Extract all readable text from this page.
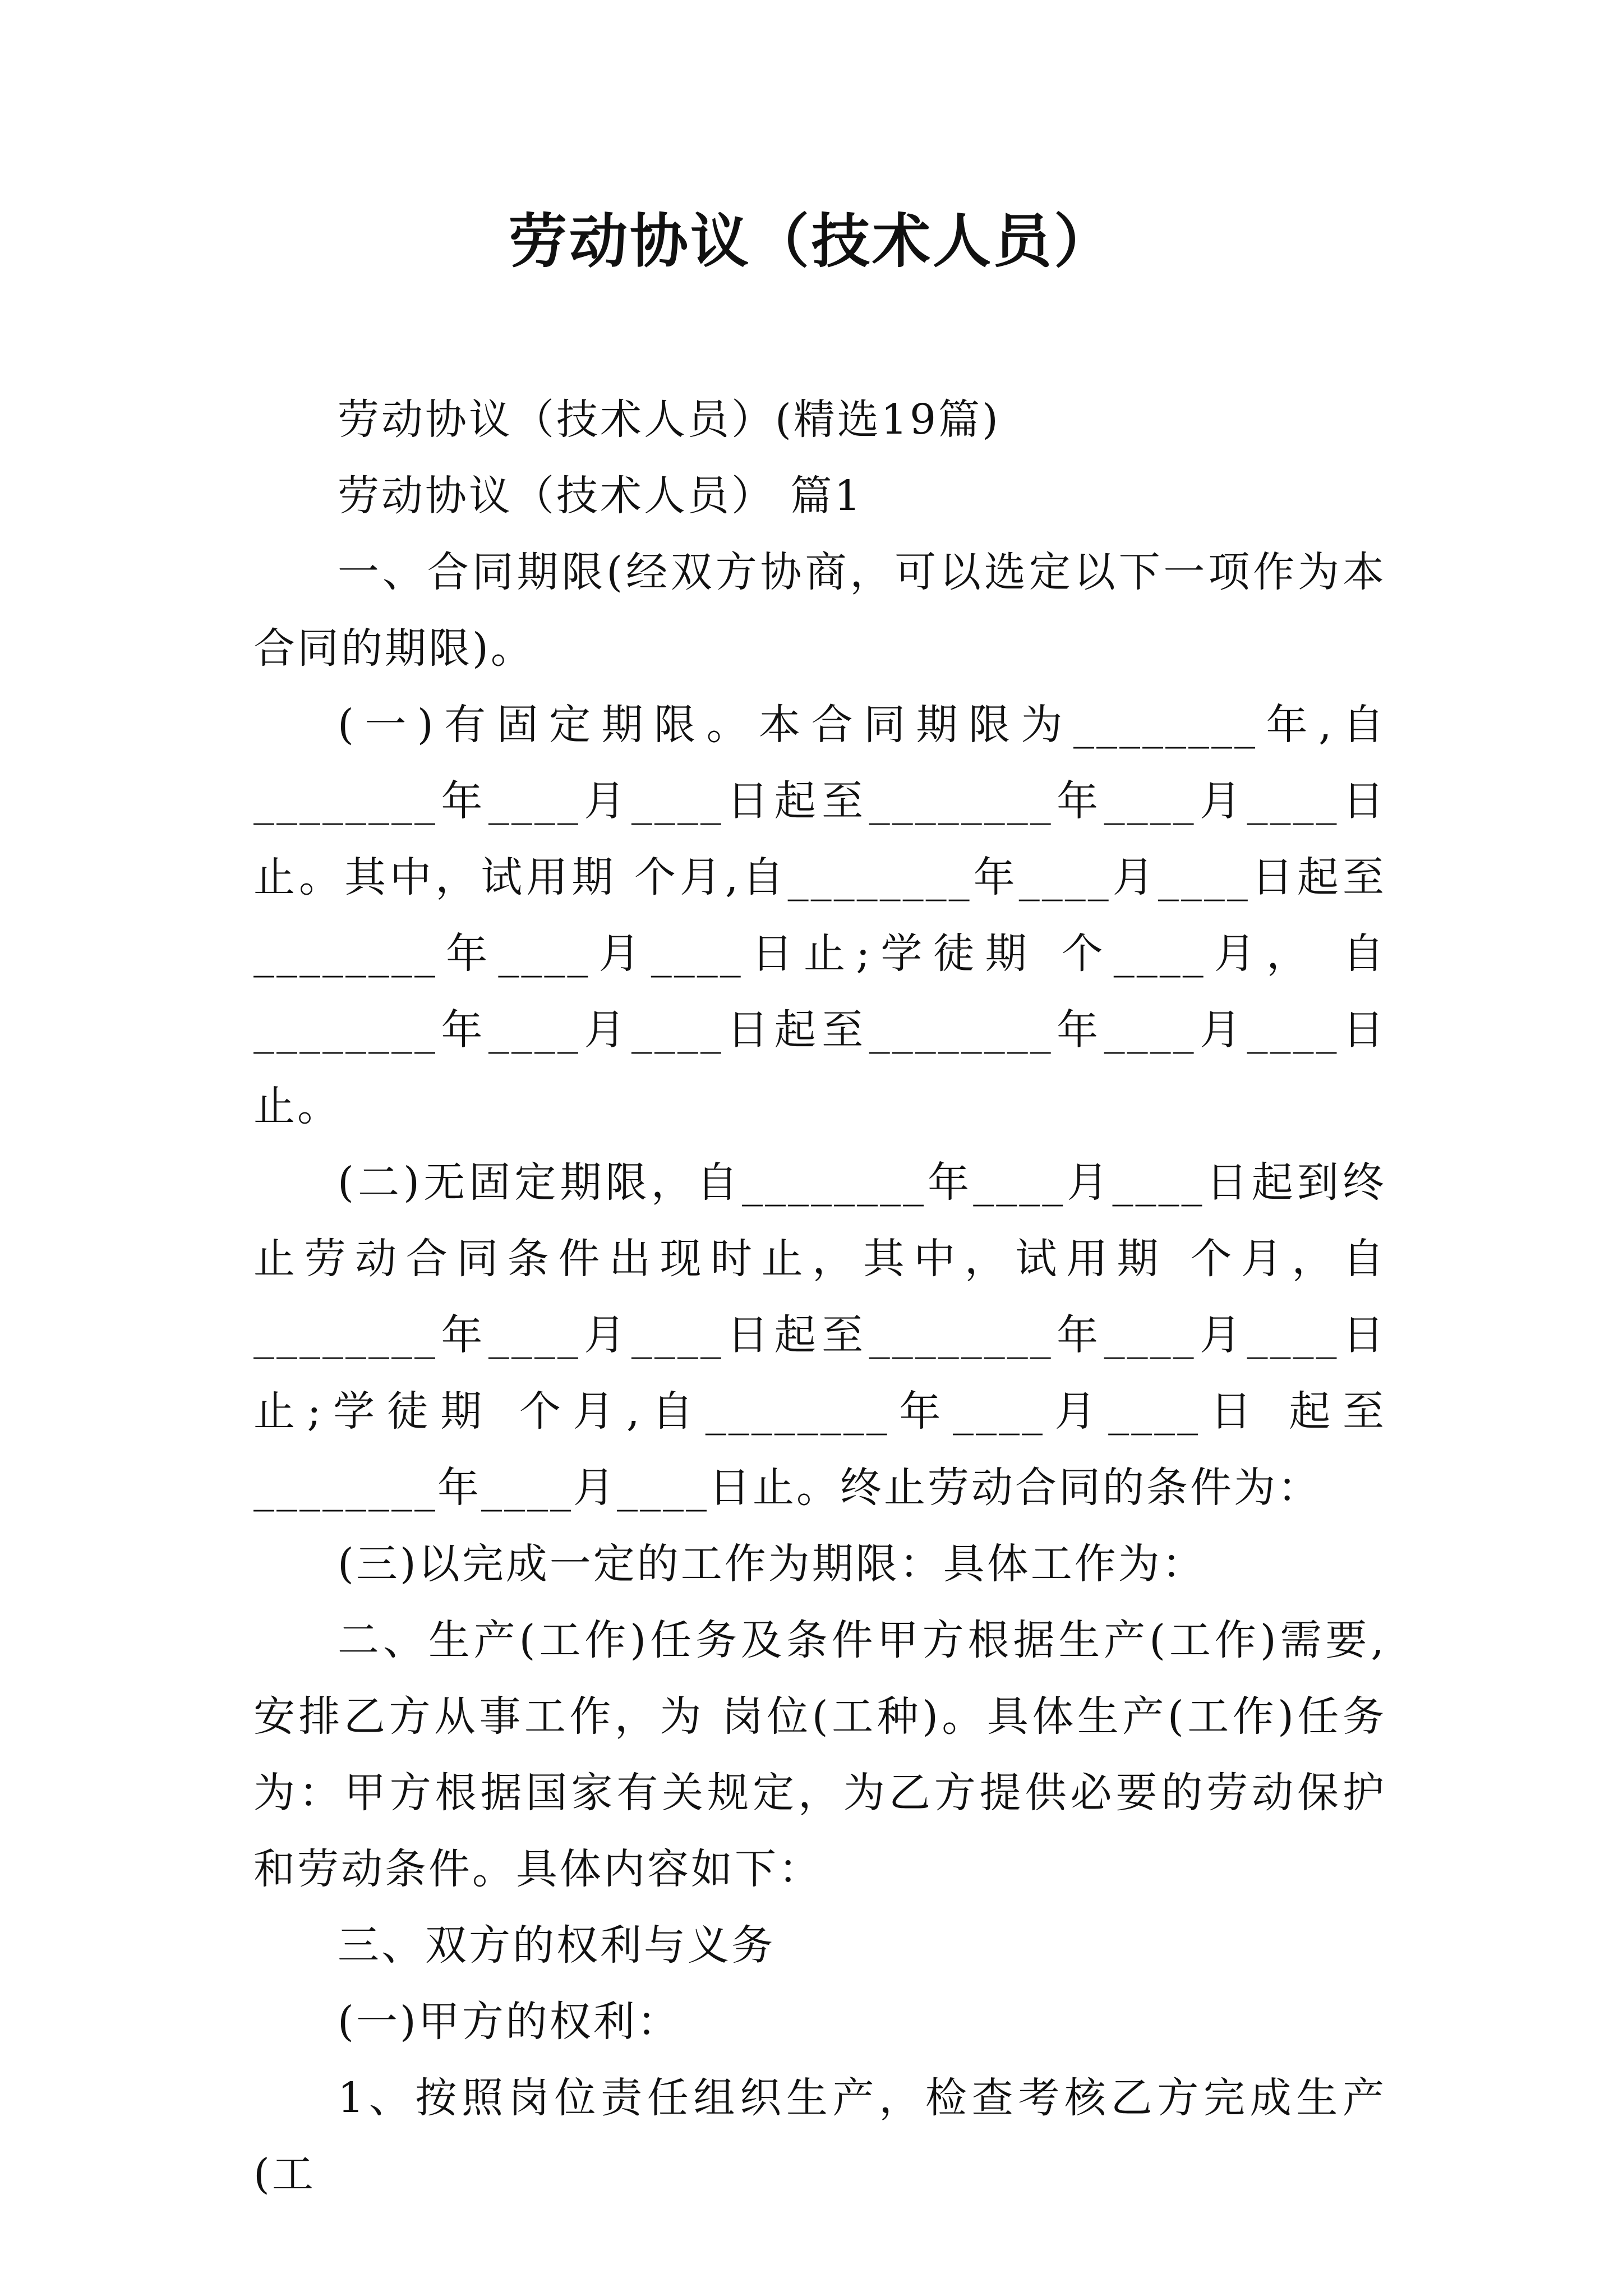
劳动协议（技术人员）

劳动协议（技术人员）(精选19篇)

劳动协议（技术人员） 篇1

一、合同期限(经双方协商，可以选定以下一项作为本合同的期限)。

(一)有固定期限。本合同期限为________年,自________年____月____日起至________年____月____日止。其中，试用期 个月,自________年____月____日起至________年____月____日止;学徒期 个____月， 自________年____月____日起至________年____月____日止。

(二)无固定期限，自________年____月____日起到终止劳动合同条件出现时止，其中，试用期 个月，自________年____月____日起至________年____月____日止;学徒期 个月,自________年____月____日 起至________年____月____日止。终止劳动合同的条件为：

(三)以完成一定的工作为期限：具体工作为：

二、生产(工作)任务及条件甲方根据生产(工作)需要,安排乙方从事工作，为 岗位(工种)。具体生产(工作)任务为：甲方根据国家有关规定，为乙方提供必要的劳动保护和劳动条件。具体内容如下：

三、双方的权利与义务

(一)甲方的权利：

1、按照岗位责任组织生产，检查考核乙方完成生产(工
